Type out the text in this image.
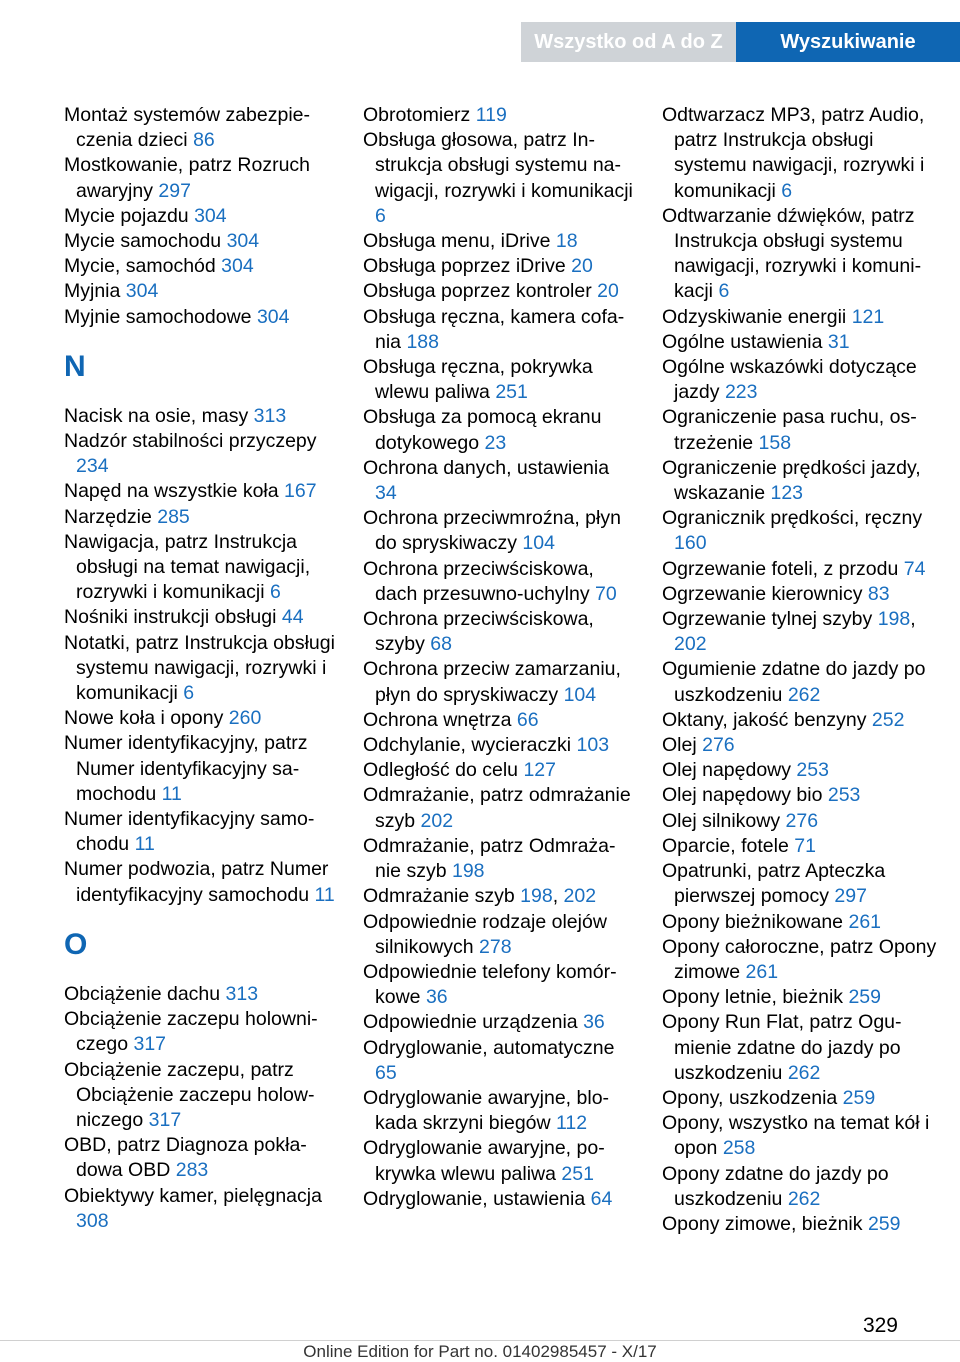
Wszystko od A do Z	Wyszukiwanie

Montaż systemów zabezpieczenia dzieci 86

Mostkowanie, patrz Rozruch awaryjny 297

Mycie pojazdu 304

Mycie samochodu 304

Mycie, samochód 304

Myjnia 304

Myjnie samochodowe 304

N

Nacisk na osie, masy 313

Nadzór stabilności przyczepy 234

Napęd na wszystkie koła 167

Narzędzie 285

Nawigacja, patrz Instrukcja obsługi na temat nawigacji, rozrywki i komunikacji 6

Nośniki instrukcji obsługi 44

Notatki, patrz Instrukcja obsługi systemu nawigacji, rozrywki i komunikacji 6

Nowe koła i opony 260

Numer identyfikacyjny, patrz Numer identyfikacyjny samochodu 11

Numer identyfikacyjny samochodu 11

Numer podwozia, patrz Numer identyfikacyjny samochodu 11

O

Obciążenie dachu 313

Obciążenie zaczepu holowniczego 317

Obciążenie zaczepu, patrz Obciążenie zaczepu holowniczego 317

OBD, patrz Diagnoza pokładowa OBD 283

Obiektywy kamer, pielęgnacja 308

Obrotomierz 119

Obsługa głosowa, patrz Instrukcja obsługi systemu nawigacji, rozrywki i komunikacji 6

Obsługa menu, iDrive 18

Obsługa poprzez iDrive 20

Obsługa poprzez kontroler 20

Obsługa ręczna, kamera cofania 188

Obsługa ręczna, pokrywka wlewu paliwa 251

Obsługa za pomocą ekranu dotykowego 23

Ochrona danych, ustawienia 34

Ochrona przeciwmroźna, płyn do spryskiwaczy 104

Ochrona przeciwściskowa, dach przesuwno-uchylny 70

Ochrona przeciwściskowa, szyby 68

Ochrona przeciw zamarzaniu, płyn do spryskiwaczy 104

Ochrona wnętrza 66

Odchylanie, wycieraczki 103

Odległość do celu 127

Odmrażanie, patrz odmrażanie szyb 202

Odmrażanie, patrz Odmrażanie szyb 198

Odmrażanie szyb 198, 202

Odpowiednie rodzaje olejów silnikowych 278

Odpowiednie telefony komórkowe 36

Odpowiednie urządzenia 36

Odryglowanie, automatyczne 65

Odryglowanie awaryjne, blokada skrzyni biegów 112

Odryglowanie awaryjne, pokrywka wlewu paliwa 251

Odryglowanie, ustawienia 64

Odtwarzacz MP3, patrz Audio, patrz Instrukcja obsługi systemu nawigacji, rozrywki i komunikacji 6

Odtwarzanie dźwięków, patrz Instrukcja obsługi systemu nawigacji, rozrywki i komunikacji 6

Odzyskiwanie energii 121

Ogólne ustawienia 31

Ogólne wskazówki dotyczące jazdy 223

Ograniczenie pasa ruchu, ostrzeżenie 158

Ograniczenie prędkości jazdy, wskazanie 123

Ogranicznik prędkości, ręczny 160

Ogrzewanie foteli, z przodu 74

Ogrzewanie kierownicy 83

Ogrzewanie tylnej szyby 198, 202

Ogumienie zdatne do jazdy po uszkodzeniu 262

Oktany, jakość benzyny 252

Olej 276

Olej napędowy 253

Olej napędowy bio 253

Olej silnikowy 276

Oparcie, fotele 71

Opatrunki, patrz Apteczka pierwszej pomocy 297

Opony bieżnikowane 261

Opony całoroczne, patrz Opony zimowe 261

Opony letnie, bieżnik 259

Opony Run Flat, patrz Ogumienie zdatne do jazdy po uszkodzeniu 262

Opony, uszkodzenia 259

Opony, wszystko na temat kół i opon 258

Opony zdatne do jazdy po uszkodzeniu 262

Opony zimowe, bieżnik 259

329
Online Edition for Part no. 01402985457 - X/17
